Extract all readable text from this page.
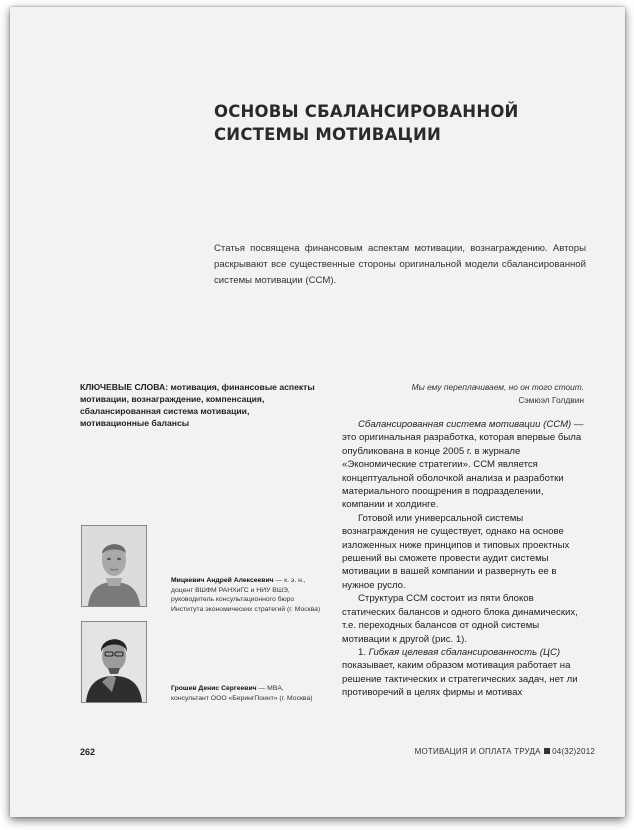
ОСНОВЫ СБАЛАНСИРОВАННОЙ СИСТЕМЫ МОТИВАЦИИ

Статья посвящена финансовым аспектам мотивации, вознаграждению. Авторы раскрывают все существенные стороны оригинальной модели сбалансированной системы мотивации (ССМ).

КЛЮЧЕВЫЕ СЛОВА: мотивация, финансовые аспекты мотивации, вознаграждение, компенсация, сбалансированная система мотивации, мотивационные балансы

Мы ему переплачиваем, но он того стоит.
Сэмюэл Голдвин

Сбалансированная система мотивации (ССМ) — это оригинальная разработка, которая впервые была опубликована в конце 2005 г. в журнале «Экономические стратегии». ССМ является концептуальной оболочкой анализа и разработки материального поощрения в подразделении, компании и холдинге.

Готовой или универсальной системы вознаграждения не существует, однако на основе изложенных ниже принципов и типовых проектных решений вы сможете провести аудит системы мотивации в вашей компании и развернуть ее в нужное русло.

Структура ССМ состоит из пяти блоков статических балансов и одного блока динамических, т.е. переходных балансов от одной системы мотивации к другой (рис. 1).

1. Гибкая целевая сбалансированность (ЦС) показывает, каким образом мотивация работает на решение тактических и стратегических задач, нет ли противоречий в целях фирмы и мотивах

Мицкевич Андрей Алексеевич — к. э. н., доцент ВШФМ РАНХиГС и НИУ ВШЭ, руководитель консультационного бюро Института экономических стратегий (г. Москва)
Грошев Денис Сергеевич — MBA, консультант ООО «БерингПоинт» (г. Москва)
262	МОТИВАЦИЯ И ОПЛАТА ТРУДА 04(32)2012
